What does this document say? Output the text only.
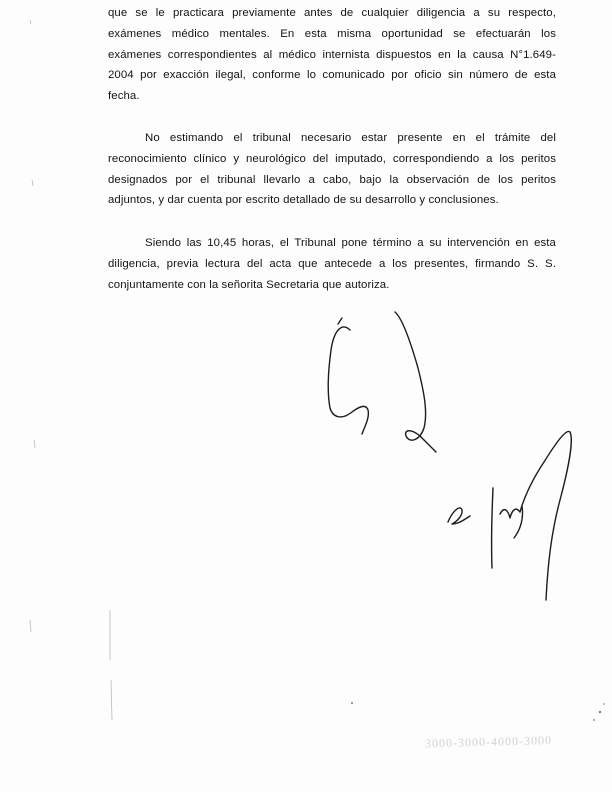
que se le practicara previamente antes de cualquier diligencia a su respecto,
exámenes médico mentales. En esta misma oportunidad se efectuarán los
exámenes correspondientes al médico internista dispuestos en la causa N°1.649-
2004 por exacción ilegal, conforme lo comunicado por oficio sin número de esta
fecha.
No estimando el tribunal necesario estar presente en el trámite del
reconocimiento clínico y neurológico del imputado, correspondiendo a los peritos
designados por el tribunal llevarlo a cabo, bajo la observación de los peritos
adjuntos, y dar cuenta por escrito detallado de su desarrollo y conclusiones.
Siendo las 10,45 horas, el Tribunal pone término a su intervención en esta
diligencia, previa lectura del acta que antecede a los presentes, firmando S. S.
conjuntamente con la señorita Secretaria que autoriza.
3000-3000-4000-3000
